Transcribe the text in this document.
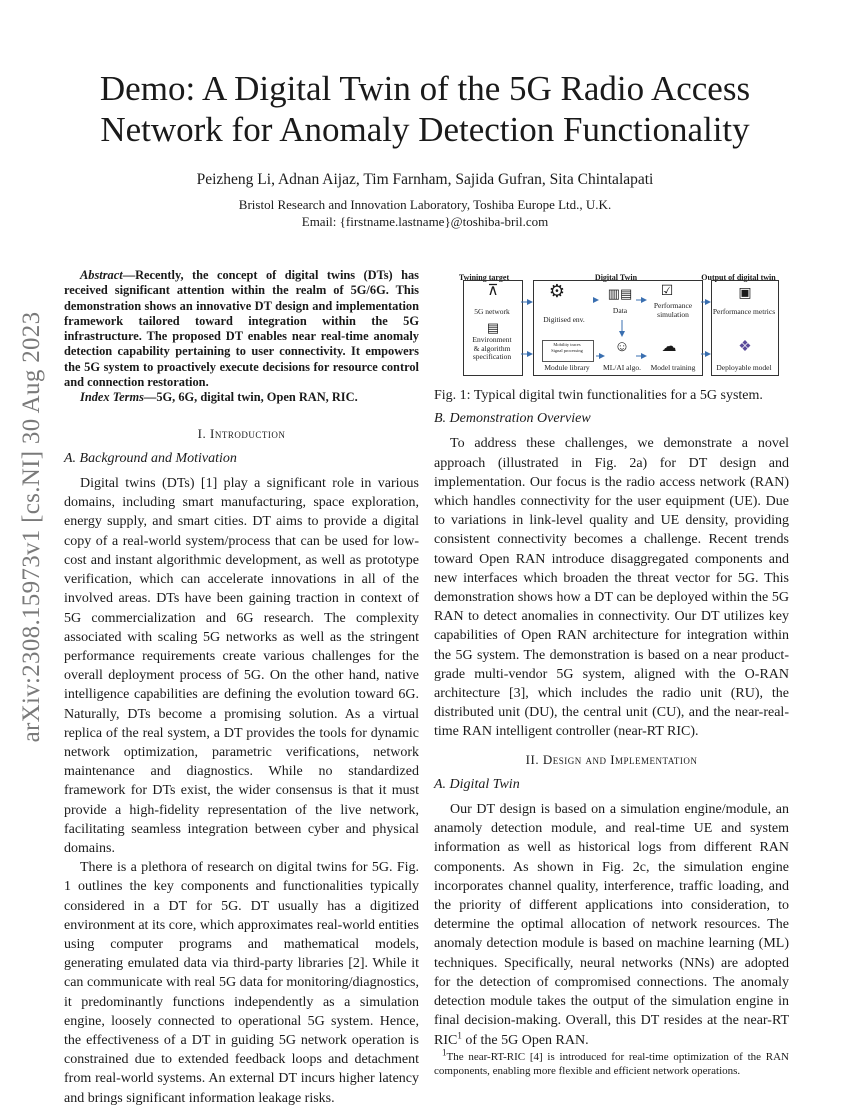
arXiv:2308.15973v1 [cs.NI] 30 Aug 2023
Demo: A Digital Twin of the 5G Radio Access
Network for Anomaly Detection Functionality
Peizheng Li, Adnan Aijaz, Tim Farnham, Sajida Gufran, Sita Chintalapati
Bristol Research and Innovation Laboratory, Toshiba Europe Ltd., U.K.
Email: {firstname.lastname}@toshiba-bril.com

Abstract—Recently, the concept of digital twins (DTs) has received significant attention within the realm of 5G/6G. This demonstration shows an innovative DT design and implementation framework tailored toward integration within the 5G infrastructure. The proposed DT enables near real-time anomaly detection capability pertaining to user connectivity. It empowers the 5G system to proactively execute decisions for resource control and connection restoration.

Index Terms—5G, 6G, digital twin, Open RAN, RIC.

I. Introduction
A. Background and Motivation

Digital twins (DTs) [1] play a significant role in various domains, including smart manufacturing, space exploration, energy supply, and smart cities. DT aims to provide a digital copy of a real-world system/process that can be used for low-cost and instant algorithmic development, as well as prototype verification, which can accelerate innovations in all of the involved areas. DTs have been gaining traction in context of 5G commercialization and 6G research. The complexity associated with scaling 5G networks as well as the stringent performance requirements create various challenges for the overall deployment process of 5G. On the other hand, native intelligence capabilities are defining the evolution toward 6G. Naturally, DTs become a promising solution. As a virtual replica of the real system, a DT provides the tools for dynamic network optimization, parametric verifications, network maintenance and diagnostics. While no standardized framework for DTs exist, the wider consensus is that it must provide a high-fidelity representation of the live network, facilitating seamless integration between cyber and physical domains.

There is a plethora of research on digital twins for 5G. Fig. 1 outlines the key components and functionalities typically considered in a DT for 5G. DT usually has a digitized environment at its core, which approximates real-world entities using computer programs and mathematical models, generating emulated data via third-party libraries [2]. While it can communicate with real 5G data for monitoring/diagnostics, it predominantly functions independently as a simulation engine, loosely connected to operational 5G system. Hence, the effectiveness of a DT in guiding 5G network operation is constrained due to extended feedback loops and detachment from real-world systems. An external DT incurs higher latency and brings significant information leakage risks.

Twining target	Digital Twin	Output of digital twin
⊼
5G network
▤
Environment
& algorithm
specification
⚙
Digitised env.
▥▤
Data
☑
Performance
simulation
Mobility traces
Signal processing
Module library
☺
ML/AI algo.
☁
Model training
▣
Performance metrics
❖
Deployable model

Fig. 1: Typical digital twin functionalities for a 5G system.

B. Demonstration Overview

To address these challenges, we demonstrate a novel approach (illustrated in Fig. 2a) for DT design and implementation. Our focus is the radio access network (RAN) which handles connectivity for the user equipment (UE). Due to variations in link-level quality and UE density, providing consistent connectivity becomes a challenge. Recent trends toward Open RAN introduce disaggregated components and new interfaces which broaden the threat vector for 5G. This demonstration shows how a DT can be deployed within the 5G RAN to detect anomalies in connectivity. Our DT utilizes key capabilities of Open RAN architecture for integration within the 5G system. The demonstration is based on a near product-grade multi-vendor 5G system, aligned with the O-RAN architecture [3], which includes the radio unit (RU), the distributed unit (DU), the central unit (CU), and the near-real-time RAN intelligent controller (near-RT RIC).

II. Design and Implementation
A. Digital Twin

Our DT design is based on a simulation engine/module, an anamoly detection module, and real-time UE and system information as well as historical logs from different RAN components. As shown in Fig. 2c, the simulation engine incorporates channel quality, interference, traffic loading, and the priority of different applications into consideration, to determine the optimal allocation of network resources. The anomaly detection module is based on machine learning (ML) techniques. Specifically, neural networks (NNs) are adopted for the detection of compromised connections. The anomaly detection module takes the output of the simulation engine in final decision-making. Overall, this DT resides at the near-RT RIC$^1$ of the 5G Open RAN.

$^1$The near-RT-RIC [4] is introduced for real-time optimization of the RAN components, enabling more flexible and efficient network operations.
